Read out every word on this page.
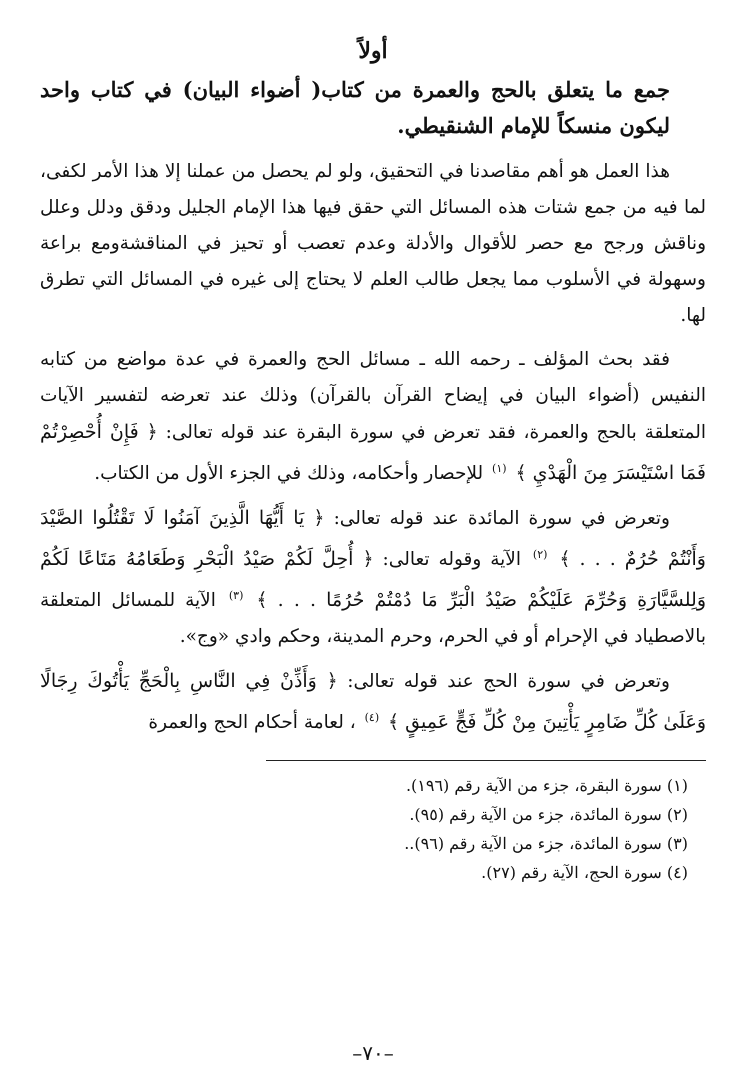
أولاً
جمع ما يتعلق بالحج والعمرة من كتاب( أضواء البيان) في كتاب واحد ليكون منسكاً للإمام الشنقيطي.

هذا العمل هو أهم مقاصدنا في التحقيق، ولو لم يحصل من عملنا إلا هذا الأمر لكفى، لما فيه من جمع شتات هذه المسائل التي حقق فيها هذا الإمام الجليل ودقق ودلل وعلل وناقش ورجح مع حصر للأقوال والأدلة وعدم تعصب أو تحيز في المناقشةومع براعة وسهولة في الأسلوب مما يجعل طالب العلم لا يحتاج إلى غيره في المسائل التي تطرق لها.

فقد بحث المؤلف ـ رحمه الله ـ مسائل الحج والعمرة في عدة مواضع من كتابه النفيس (أضواء البيان في إيضاح القرآن بالقرآن) وذلك عند تعرضه لتفسير الآيات المتعلقة بالحج والعمرة، فقد تعرض في سورة البقرة عند قوله تعالى: ﴿ فَإِنْ أُحْصِرْتُمْ فَمَا اسْتَيْسَرَ مِنَ الْهَدْيِ ﴾ $^{(١)}$ للإحصار وأحكامه، وذلك في الجزء الأول من الكتاب.

وتعرض في سورة المائدة عند قوله تعالى: ﴿ يَا أَيُّهَا الَّذِينَ آمَنُوا لَا تَقْتُلُوا الصَّيْدَ وَأَنْتُمْ حُرُمٌ . . . ﴾ $^{(٢)}$ الآية وقوله تعالى: ﴿ أُحِلَّ لَكُمْ صَيْدُ الْبَحْرِ وَطَعَامُهُ مَتَاعًا لَكُمْ وَلِلسَّيَّارَةِ وَحُرِّمَ عَلَيْكُمْ صَيْدُ الْبَرِّ مَا دُمْتُمْ حُرُمًا . . . ﴾ $^{(٣)}$ الآية للمسائل المتعلقة بالاصطياد في الإحرام أو في الحرم، وحرم المدينة، وحكم وادي «وج».

وتعرض في سورة الحج عند قوله تعالى: ﴿ وَأَذِّنْ فِي النَّاسِ بِالْحَجِّ يَأْتُوكَ رِجَالًا وَعَلَىٰ كُلِّ ضَامِرٍ يَأْتِينَ مِنْ كُلِّ فَجٍّ عَمِيقٍ ﴾ $^{(٤)}$ ، لعامة أحكام الحج والعمرة

(١) سورة البقرة، جزء من الآية رقم (١٩٦).
(٢) سورة المائدة، جزء من الآية رقم (٩٥).
(٣) سورة المائدة، جزء من الآية رقم (٩٦)..
(٤) سورة الحج، الآية رقم (٢٧).
–٧٠–
